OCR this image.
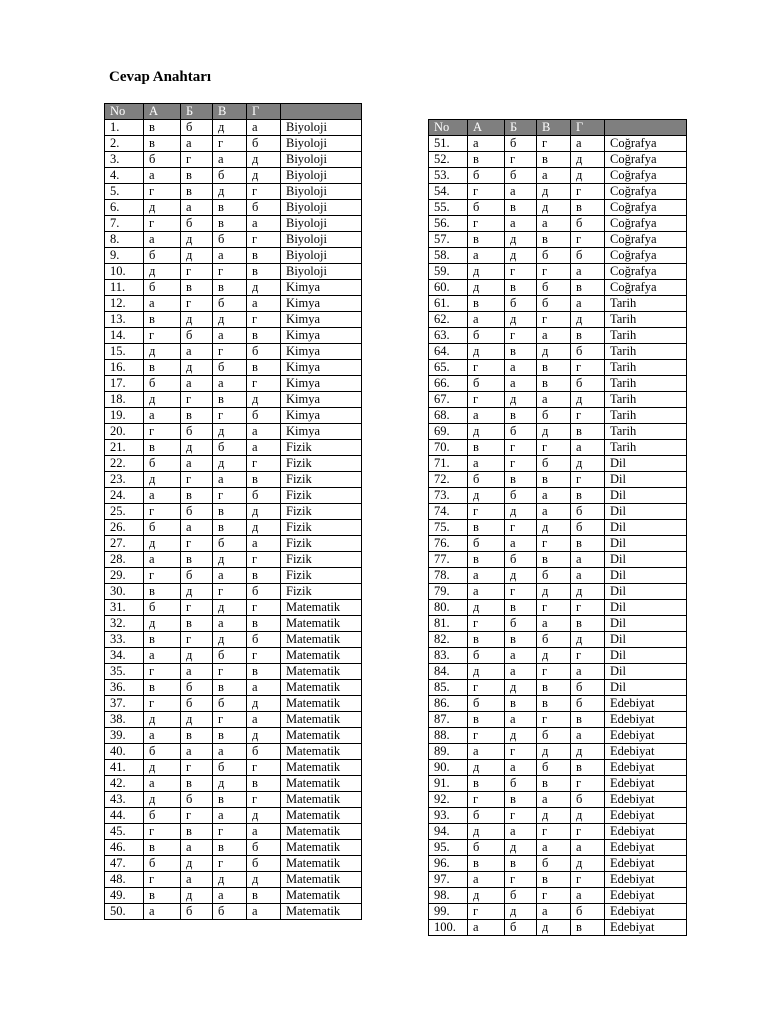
Cevap Anahtarı
No	А	Б	В	Г	
1.	в	б	д	а	Biyoloji
2.	в	а	г	б	Biyoloji
3.	б	г	а	д	Biyoloji
4.	а	в	б	д	Biyoloji
5.	г	в	д	г	Biyoloji
6.	д	а	в	б	Biyoloji
7.	г	б	в	а	Biyoloji
8.	а	д	б	г	Biyoloji
9.	б	д	а	в	Biyoloji
10.	д	г	г	в	Biyoloji
11.	б	в	в	д	Kimya
12.	а	г	б	а	Kimya
13.	в	д	д	г	Kimya
14.	г	б	а	в	Kimya
15.	д	а	г	б	Kimya
16.	в	д	б	в	Kimya
17.	б	а	а	г	Kimya
18.	д	г	в	д	Kimya
19.	а	в	г	б	Kimya
20.	г	б	д	а	Kimya
21.	в	д	б	а	Fizik
22.	б	а	д	г	Fizik
23.	д	г	а	в	Fizik
24.	а	в	г	б	Fizik
25.	г	б	в	д	Fizik
26.	б	а	в	д	Fizik
27.	д	г	б	а	Fizik
28.	а	в	д	г	Fizik
29.	г	б	а	в	Fizik
30.	в	д	г	б	Fizik
31.	б	г	д	г	Matematik
32.	д	в	а	в	Matematik
33.	в	г	д	б	Matematik
34.	а	д	б	г	Matematik
35.	г	а	г	в	Matematik
36.	в	б	в	а	Matematik
37.	г	б	б	д	Matematik
38.	д	д	г	а	Matematik
39.	а	в	в	д	Matematik
40.	б	а	а	б	Matematik
41.	д	г	б	г	Matematik
42.	а	в	д	в	Matematik
43.	д	б	в	г	Matematik
44.	б	г	а	д	Matematik
45.	г	в	г	а	Matematik
46.	в	а	в	б	Matematik
47.	б	д	г	б	Matematik
48.	г	а	д	д	Matematik
49.	в	д	а	в	Matematik
50.	а	б	б	а	Matematik
No	А	Б	В	Г	
51.	а	б	г	а	Coğrafya
52.	в	г	в	д	Coğrafya
53.	б	б	а	д	Coğrafya
54.	г	а	д	г	Coğrafya
55.	б	в	д	в	Coğrafya
56.	г	а	а	б	Coğrafya
57.	в	д	в	г	Coğrafya
58.	а	д	б	б	Coğrafya
59.	д	г	г	а	Coğrafya
60.	д	в	б	в	Coğrafya
61.	в	б	б	а	Tarih
62.	а	д	г	д	Tarih
63.	б	г	а	в	Tarih
64.	д	в	д	б	Tarih
65.	г	а	в	г	Tarih
66.	б	а	в	б	Tarih
67.	г	д	а	д	Tarih
68.	а	в	б	г	Tarih
69.	д	б	д	в	Tarih
70.	в	г	г	а	Tarih
71.	а	г	б	д	Dil
72.	б	в	в	г	Dil
73.	д	б	а	в	Dil
74.	г	д	а	б	Dil
75.	в	г	д	б	Dil
76.	б	а	г	в	Dil
77.	в	б	в	а	Dil
78.	а	д	б	а	Dil
79.	а	г	д	д	Dil
80.	д	в	г	г	Dil
81.	г	б	а	в	Dil
82.	в	в	б	д	Dil
83.	б	а	д	г	Dil
84.	д	а	г	а	Dil
85.	г	д	в	б	Dil
86.	б	в	в	б	Edebiyat
87.	в	а	г	в	Edebiyat
88.	г	д	б	а	Edebiyat
89.	а	г	д	д	Edebiyat
90.	д	а	б	в	Edebiyat
91.	в	б	в	г	Edebiyat
92.	г	в	а	б	Edebiyat
93.	б	г	д	д	Edebiyat
94.	д	а	г	г	Edebiyat
95.	б	д	а	а	Edebiyat
96.	в	в	б	д	Edebiyat
97.	а	г	в	г	Edebiyat
98.	д	б	г	а	Edebiyat
99.	г	д	а	б	Edebiyat
100.	а	б	д	в	Edebiyat
